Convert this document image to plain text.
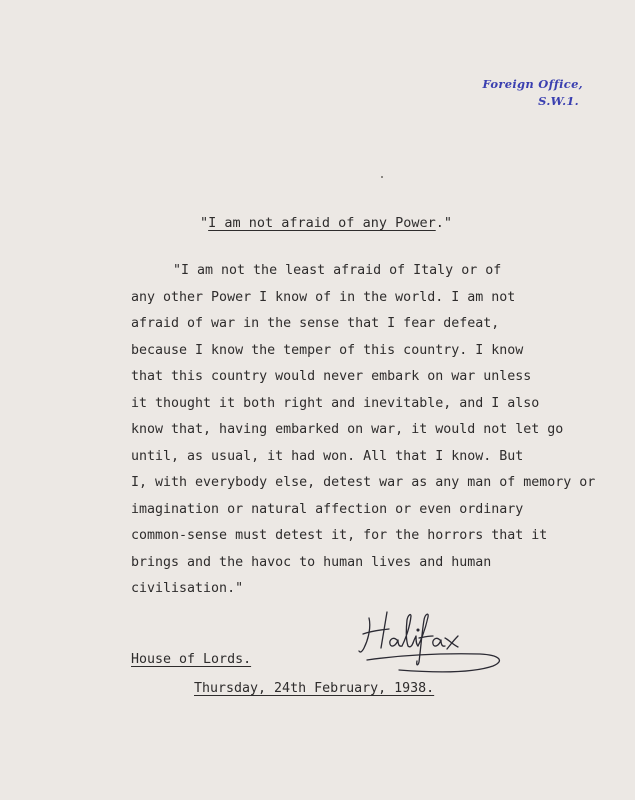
Foreign Office,
S.W.1.
"I am not afraid of any Power."
"I am not the least afraid of Italy or of
any other Power I know of in the world. I am not
afraid of war in the sense that I fear defeat,
because I know the temper of this country. I know
that this country would never embark on war unless
it thought it both right and inevitable, and I also
know that, having embarked on war, it would not let go
until, as usual, it had won. All that I know. But
I, with everybody else, detest war as any man of memory or
imagination or natural affection or even ordinary
common-sense must detest it, for the horrors that it
brings and the havoc to human lives and human
civilisation."
House of Lords.
Thursday, 24th February, 1938.
